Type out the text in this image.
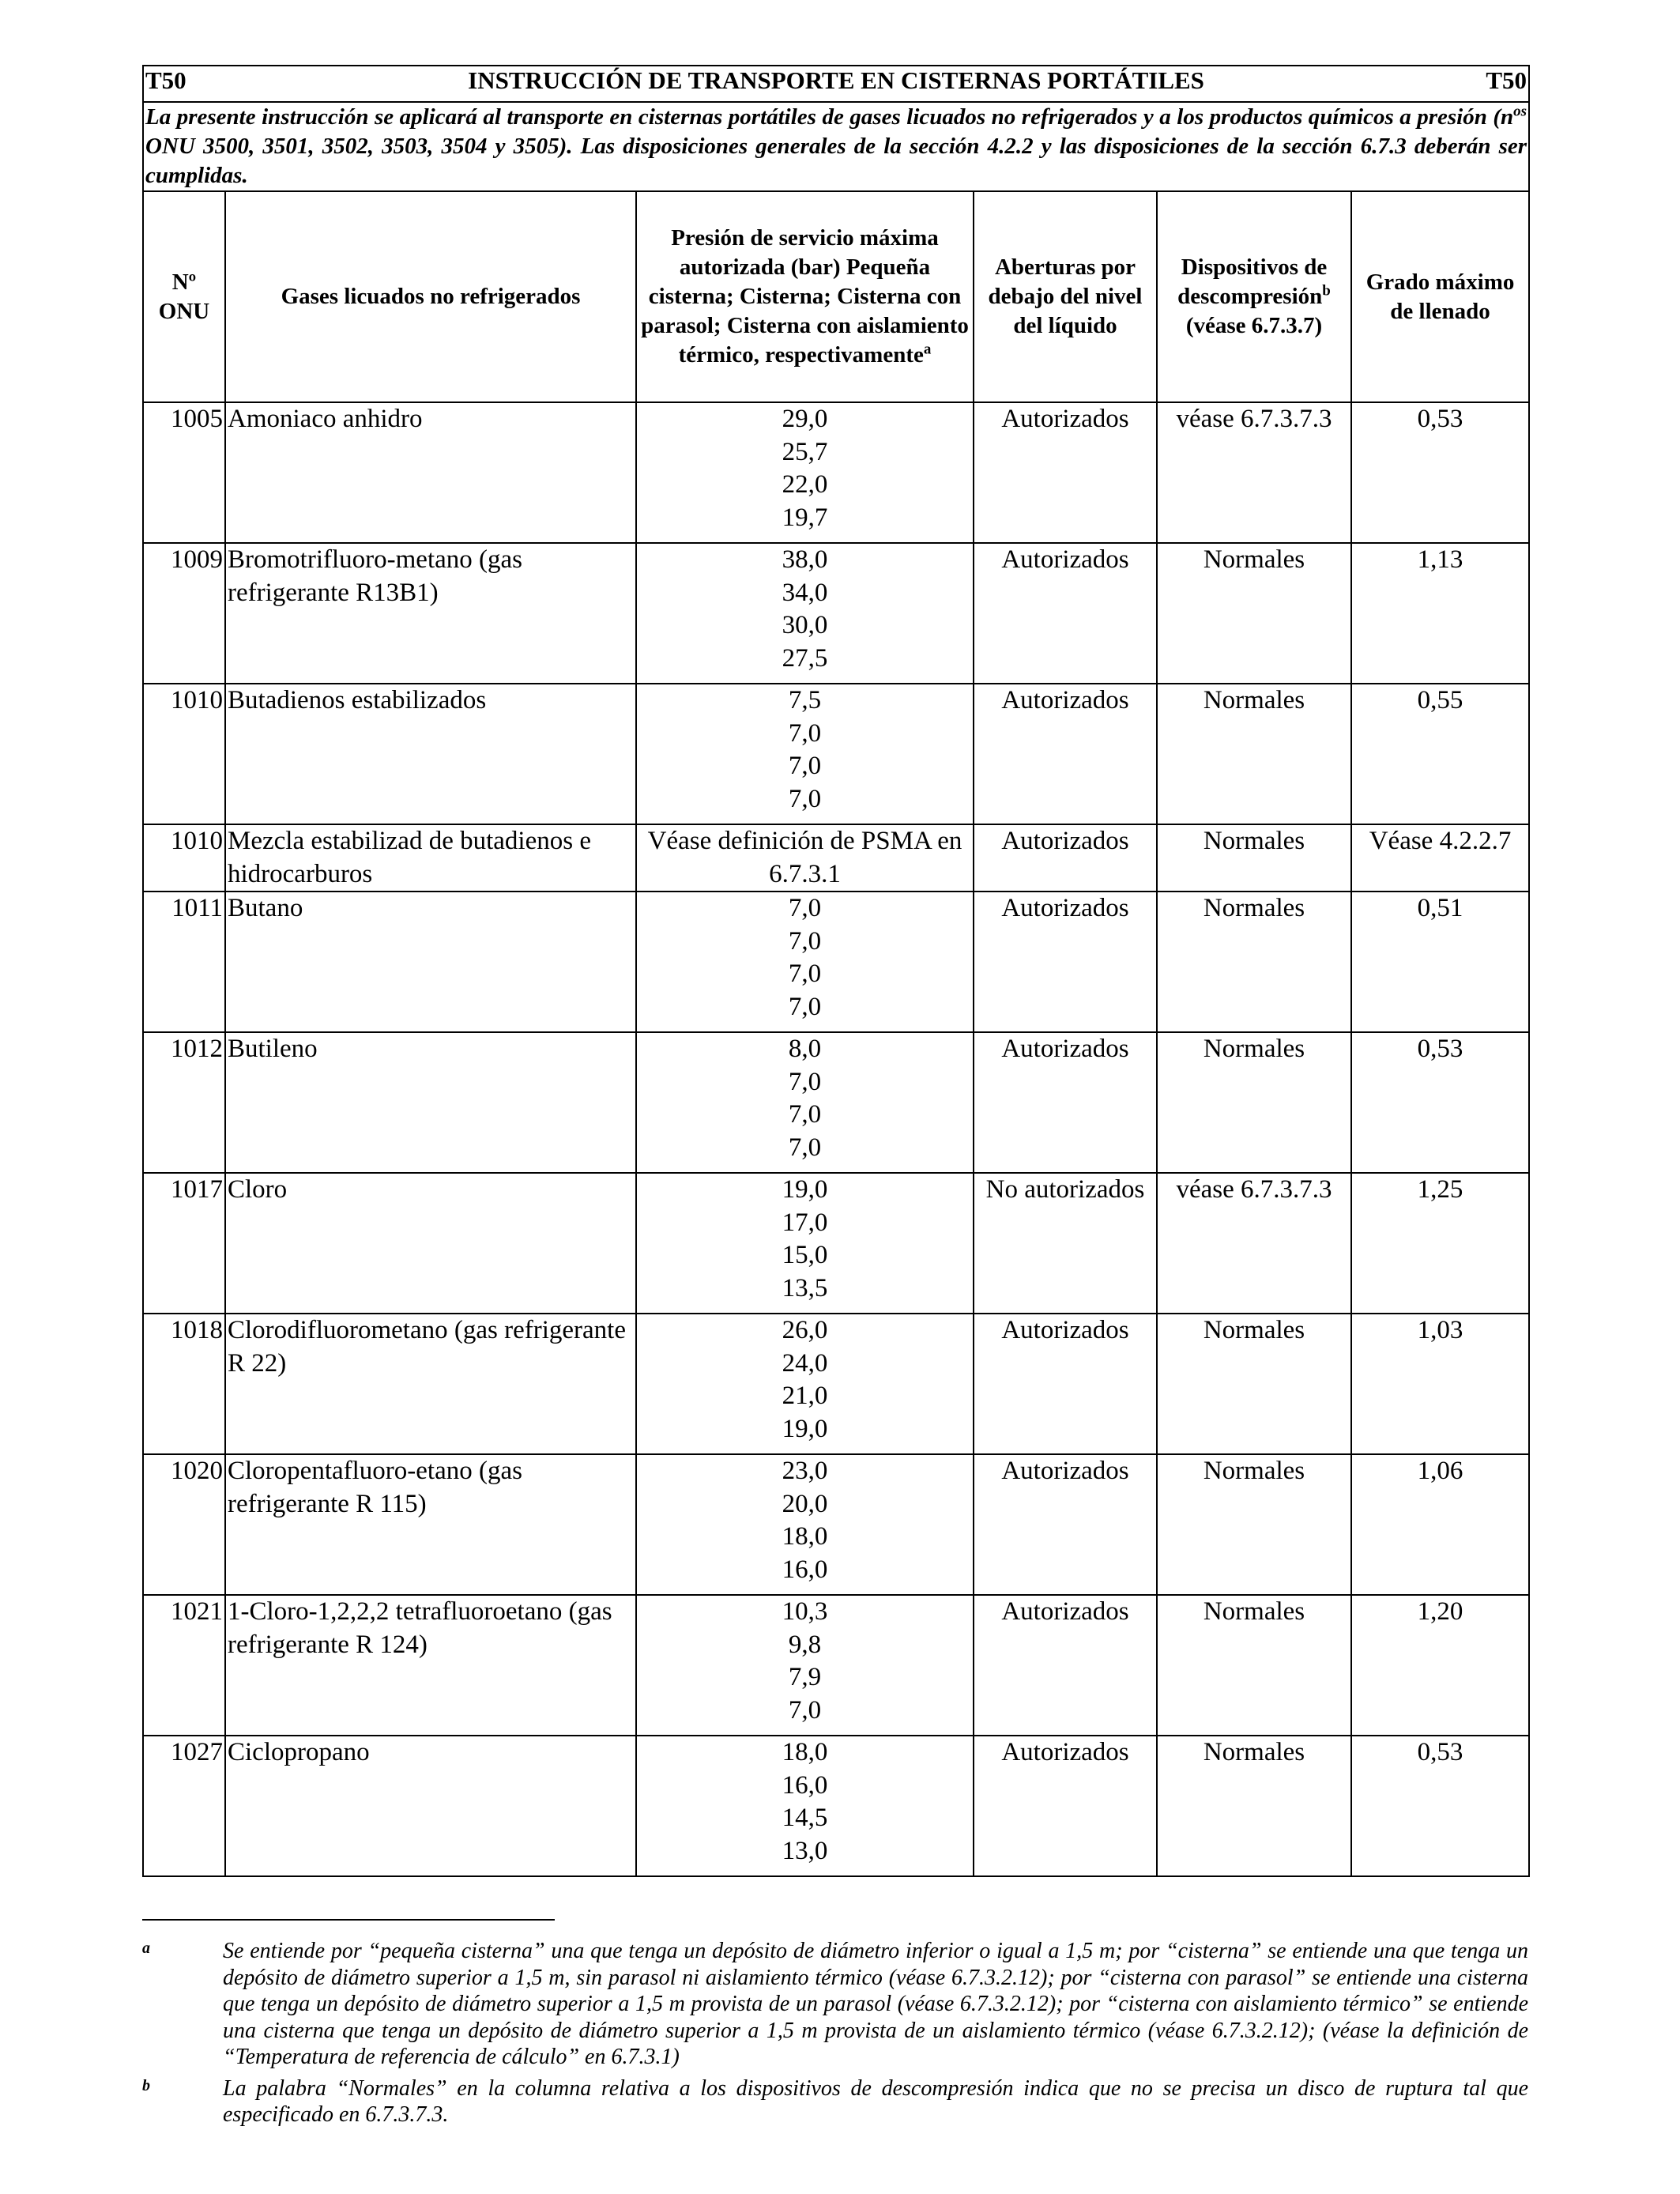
T50 INSTRUCCIÓN DE TRANSPORTE EN CISTERNAS PORTÁTILES T50					

La presente instrucción se aplicará al transporte en cisternas portátiles de gases licuados no refrigerados y a los productos químicos a presión ($n^{os}$ ONU 3500, 3501, 3502, 3503, 3504 y 3505). Las disposiciones generales de la sección 4.2.2 y las disposiciones de la sección 6.7.3 deberán ser cumplidas.					
Nº ONU	Gases licuados no refrigerados	Presión de servicio máxima autorizada (bar) Pequeña cisterna; Cisterna; Cisterna con parasol; Cisterna con aislamiento térmico, respectivamente$^a$	Aberturas por debajo del nivel del líquido	Dispositivos de descompresión$^b$ (véase 6.7.3.7)	Grado máximo de llenado
1005	Amoniaco anhidro	29,0
25,7
22,0
19,7	Autorizados	véase 6.7.3.7.3	0,53
1009	Bromotrifluoro-metano (gas refrigerante R13B1)	38,0
34,0
30,0
27,5	Autorizados	Normales	1,13
1010	Butadienos estabilizados	7,5
7,0
7,0
7,0	Autorizados	Normales	0,55
1010	Mezcla estabilizad de butadienos e hidrocarburos	Véase definición de PSMA en 6.7.3.1	Autorizados	Normales	Véase 4.2.2.7
1011	Butano	7,0
7,0
7,0
7,0	Autorizados	Normales	0,51
1012	Butileno	8,0
7,0
7,0
7,0	Autorizados	Normales	0,53
1017	Cloro	19,0
17,0
15,0
13,5	No autorizados	véase 6.7.3.7.3	1,25
1018	Clorodifluorometano (gas refrigerante R 22)	26,0
24,0
21,0
19,0	Autorizados	Normales	1,03
1020	Cloropentafluoro-etano (gas refrigerante R 115)	23,0
20,0
18,0
16,0	Autorizados	Normales	1,06
1021	1-Cloro-1,2,2,2 tetrafluoroetano (gas refrigerante R 124)	10,3
9,8
7,9
7,0	Autorizados	Normales	1,20
1027	Ciclopropano	18,0
16,0
14,5
13,0	Autorizados	Normales	0,53
a	Se entiende por “pequeña cisterna” una que tenga un depósito de diámetro inferior o igual a 1,5 m; por “cisterna” se entiende una que tenga un depósito de diámetro superior a 1,5 m, sin parasol ni aislamiento térmico (véase 6.7.3.2.12); por “cisterna con parasol” se entiende una cisterna que tenga un depósito de diámetro superior a 1,5 m provista de un parasol (véase 6.7.3.2.12); por “cisterna con aislamiento térmico” se entiende una cisterna que tenga un depósito de diámetro superior a 1,5 m provista de un aislamiento térmico (véase 6.7.3.2.12); (véase la definición de “Temperatura de referencia de cálculo” en 6.7.3.1)
b	La palabra “Normales” en la columna relativa a los dispositivos de descompresión indica que no se precisa un disco de ruptura tal que especificado en 6.7.3.7.3.
